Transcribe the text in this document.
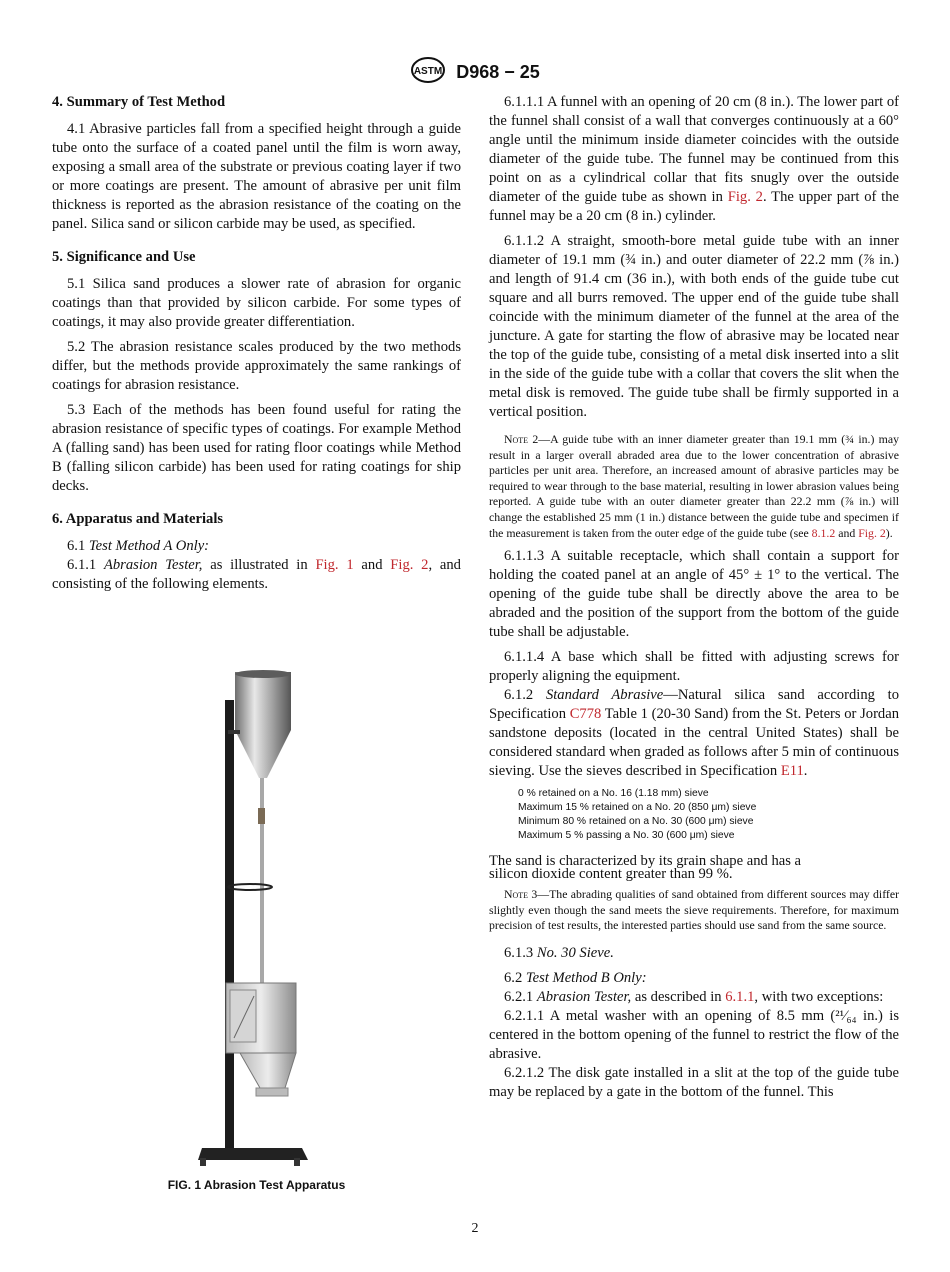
ASTM D968 − 25
4. Summary of Test Method

4.1 Abrasive particles fall from a specified height through a guide tube onto the surface of a coated panel until the film is worn away, exposing a small area of the substrate or previous coating layer if two or more coatings are present. The amount of abrasive per unit film thickness is reported as the abrasion resistance of the coating on the panel. Silica sand or silicon carbide may be used, as specified.

5. Significance and Use

5.1 Silica sand produces a slower rate of abrasion for organic coatings than that provided by silicon carbide. For some types of coatings, it may also provide greater differentiation.

5.2 The abrasion resistance scales produced by the two methods differ, but the methods provide approximately the same rankings of coatings for abrasion resistance.

5.3 Each of the methods has been found useful for rating the abrasion resistance of specific types of coatings. For example Method A (falling sand) has been used for rating floor coatings while Method B (falling silicon carbide) has been used for rating coatings for ship decks.

6. Apparatus and Materials

6.1 Test Method A Only:

6.1.1 Abrasion Tester, as illustrated in Fig. 1 and Fig. 2, and consisting of the following elements.

FIG. 1 Abrasion Test Apparatus

6.1.1.1 A funnel with an opening of 20 cm (8 in.). The lower part of the funnel shall consist of a wall that converges continuously at a 60° angle until the minimum inside diameter coincides with the outside diameter of the guide tube. The funnel may be continued from this point on as a cylindrical collar that fits snugly over the outside diameter of the guide tube as shown in Fig. 2. The upper part of the funnel may be a 20 cm (8 in.) cylinder.

6.1.1.2 A straight, smooth-bore metal guide tube with an inner diameter of 19.1 mm (¾ in.) and outer diameter of 22.2 mm (⅞ in.) and length of 91.4 cm (36 in.), with both ends of the guide tube cut square and all burrs removed. The upper end of the guide tube shall coincide with the minimum diameter of the funnel at the area of the juncture. A gate for starting the flow of abrasive may be located near the top of the guide tube, consisting of a metal disk inserted into a slit in the side of the guide tube with a collar that covers the slit when the metal disk is removed. The guide tube shall be firmly supported in a vertical position.

Note 2—A guide tube with an inner diameter greater than 19.1 mm (¾ in.) may result in a larger overall abraded area due to the lower concentration of abrasive particles per unit area. Therefore, an increased amount of abrasive particles may be required to wear through to the base material, resulting in lower abrasion values being reported. A guide tube with an outer diameter greater than 22.2 mm (⅞ in.) will change the established 25 mm (1 in.) distance between the guide tube and specimen if the measurement is taken from the outer edge of the guide tube (see 8.1.2 and Fig. 2).

6.1.1.3 A suitable receptacle, which shall contain a support for holding the coated panel at an angle of 45° ± 1° to the vertical. The opening of the guide tube shall be directly above the area to be abraded and the position of the support from the bottom of the guide tube shall be adjustable.

6.1.1.4 A base which shall be fitted with adjusting screws for properly aligning the equipment.

6.1.2 Standard Abrasive—Natural silica sand according to Specification C778 Table 1 (20-30 Sand) from the St. Peters or Jordan sandstone deposits (located in the central United States) shall be considered standard when graded as follows after 5 min of continuous sieving. Use the sieves described in Specification E11.

0 % retained on a No. 16 (1.18 mm) sieve
Maximum 15 % retained on a No. 20 (850 μm) sieve
Minimum 80 % retained on a No. 30 (600 μm) sieve
Maximum 5 % passing a No. 30 (600 μm) sieve
The sand is characterized by its grain shape and has a
silicon dioxide content greater than 99 %.
Note 3—The abrading qualities of sand obtained from different sources may differ slightly even though the sand meets the sieve requirements. Therefore, for maximum precision of test results, the interested parties should use sand from the same source.

6.1.3 No. 30 Sieve.

6.2 Test Method B Only:

6.2.1 Abrasion Tester, as described in 6.1.1, with two exceptions:

6.2.1.1 A metal washer with an opening of 8.5 mm (²¹⁄₆₄ in.) is centered in the bottom opening of the funnel to restrict the flow of the abrasive.

6.2.1.2 The disk gate installed in a slit at the top of the guide tube may be replaced by a gate in the bottom of the funnel. This

2
